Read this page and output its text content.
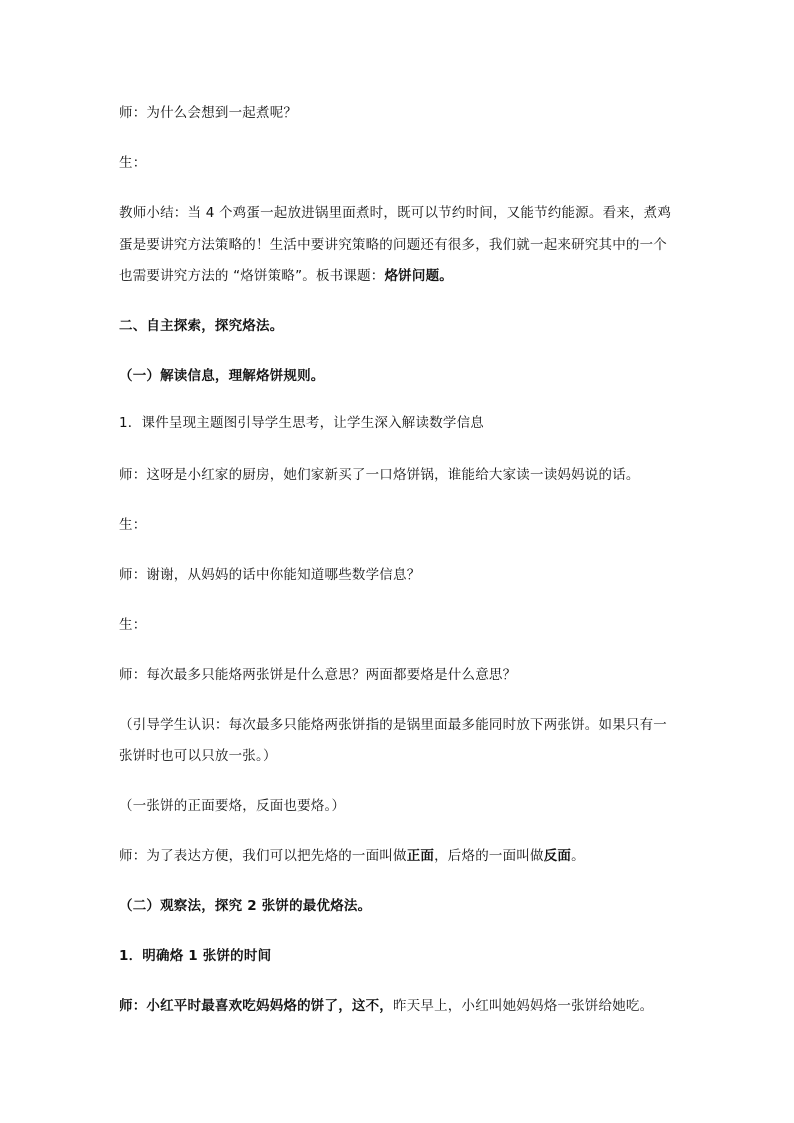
师：为什么会想到一起煮呢？
生：
教师小结：当 4 个鸡蛋一起放进锅里面煮时，既可以节约时间，又能节约能源。看来，煮鸡
蛋是要讲究方法策略的！生活中要讲究策略的问题还有很多，我们就一起来研究其中的一个
也需要讲究方法的 “烙饼策略”。板书课题：烙饼问题。
二、自主探索，探究烙法。
（一）解读信息，理解烙饼规则。
1．课件呈现主题图引导学生思考，让学生深入解读数学信息
师：这呀是小红家的厨房，她们家新买了一口烙饼锅，谁能给大家读一读妈妈说的话。
生：
师：谢谢，从妈妈的话中你能知道哪些数学信息？
生：
师：每次最多只能烙两张饼是什么意思？两面都要烙是什么意思？
（引导学生认识：每次最多只能烙两张饼指的是锅里面最多能同时放下两张饼。如果只有一
张饼时也可以只放一张。）
（一张饼的正面要烙，反面也要烙。）
师：为了表达方便，我们可以把先烙的一面叫做正面，后烙的一面叫做反面。
（二）观察法，探究 2 张饼的最优烙法。
1．明确烙 1 张饼的时间
师：小红平时最喜欢吃妈妈烙的饼了，这不，昨天早上，小红叫她妈妈烙一张饼给她吃。
